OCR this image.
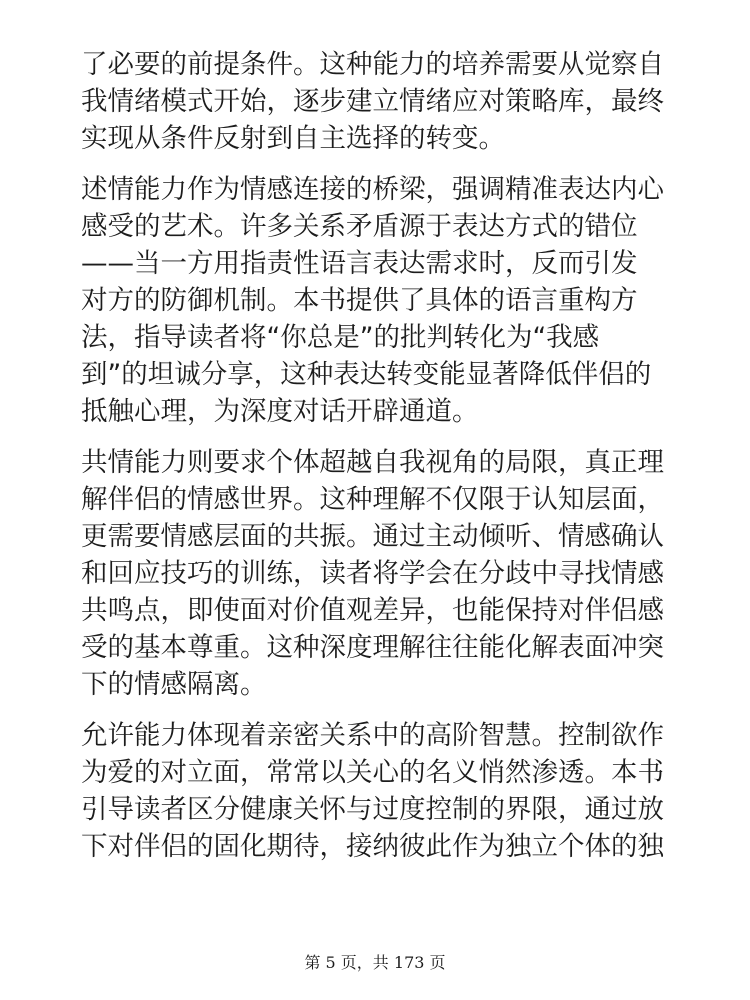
了必要的前提条件。这种能力的培养需要从觉察自
我情绪模式开始，逐步建立情绪应对策略库，最终
实现从条件反射到自主选择的转变。

述情能力作为情感连接的桥梁，强调精准表达内心
感受的艺术。许多关系矛盾源于表达方式的错位
——当一方用指责性语言表达需求时，反而引发
对方的防御机制。本书提供了具体的语言重构方
法，指导读者将“你总是”的批判转化为“我感
到”的坦诚分享，这种表达转变能显著降低伴侣的
抵触心理，为深度对话开辟通道。

共情能力则要求个体超越自我视角的局限，真正理
解伴侣的情感世界。这种理解不仅限于认知层面，
更需要情感层面的共振。通过主动倾听、情感确认
和回应技巧的训练，读者将学会在分歧中寻找情感
共鸣点，即使面对价值观差异，也能保持对伴侣感
受的基本尊重。这种深度理解往往能化解表面冲突
下的情感隔离。

允许能力体现着亲密关系中的高阶智慧。控制欲作
为爱的对立面，常常以关心的名义悄然渗透。本书
引导读者区分健康关怀与过度控制的界限，通过放
下对伴侣的固化期待，接纳彼此作为独立个体的独

第 5 页，共 173 页
